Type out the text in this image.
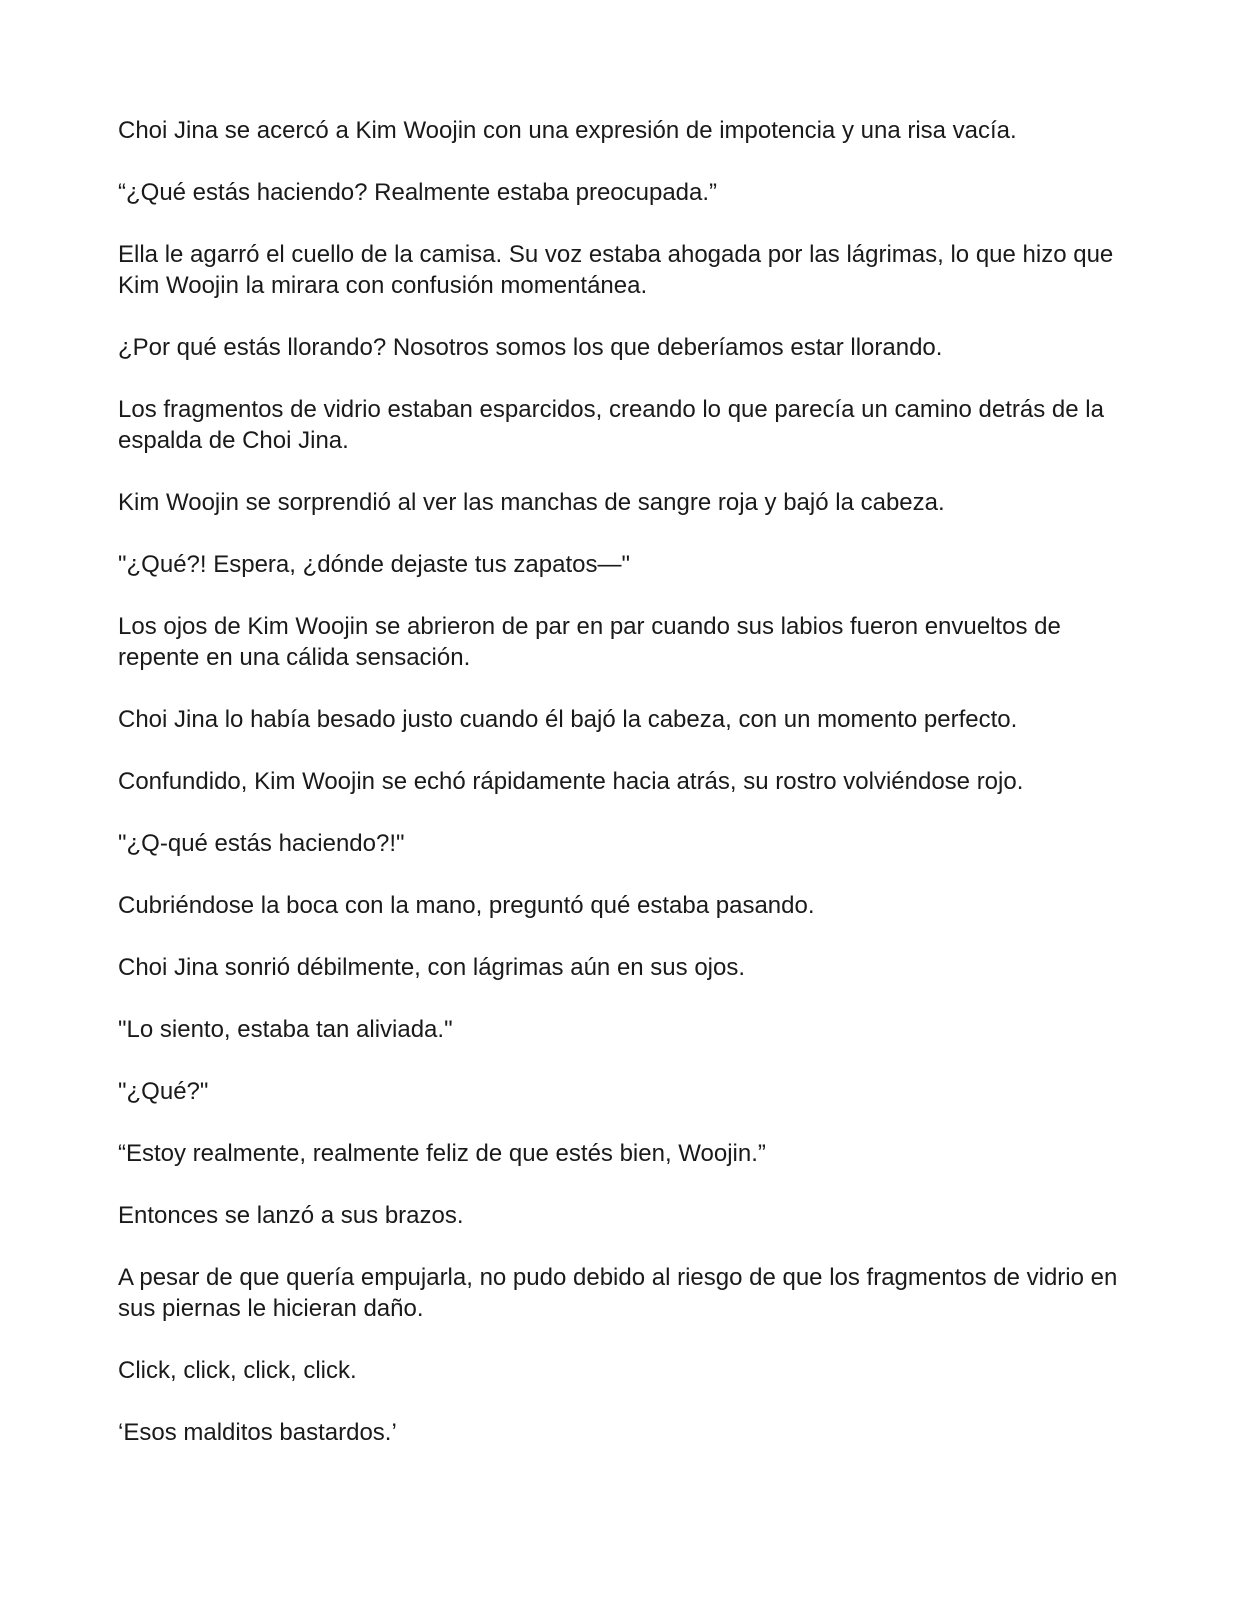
Choi Jina se acercó a Kim Woojin con una expresión de impotencia y una risa vacía.

“¿Qué estás haciendo? Realmente estaba preocupada.”

Ella le agarró el cuello de la camisa. Su voz estaba ahogada por las lágrimas, lo que hizo que Kim Woojin la mirara con confusión momentánea.

¿Por qué estás llorando? Nosotros somos los que deberíamos estar llorando.

Los fragmentos de vidrio estaban esparcidos, creando lo que parecía un camino detrás de la espalda de Choi Jina.

Kim Woojin se sorprendió al ver las manchas de sangre roja y bajó la cabeza.

"¿Qué?! Espera, ¿dónde dejaste tus zapatos—"

Los ojos de Kim Woojin se abrieron de par en par cuando sus labios fueron envueltos de repente en una cálida sensación.

Choi Jina lo había besado justo cuando él bajó la cabeza, con un momento perfecto.

Confundido, Kim Woojin se echó rápidamente hacia atrás, su rostro volviéndose rojo.

"¿Q-qué estás haciendo?!"

Cubriéndose la boca con la mano, preguntó qué estaba pasando.

Choi Jina sonrió débilmente, con lágrimas aún en sus ojos.

"Lo siento, estaba tan aliviada."

"¿Qué?"

“Estoy realmente, realmente feliz de que estés bien, Woojin.”

Entonces se lanzó a sus brazos.

A pesar de que quería empujarla, no pudo debido al riesgo de que los fragmentos de vidrio en sus piernas le hicieran daño.

Click, click, click, click.

‘Esos malditos bastardos.’
